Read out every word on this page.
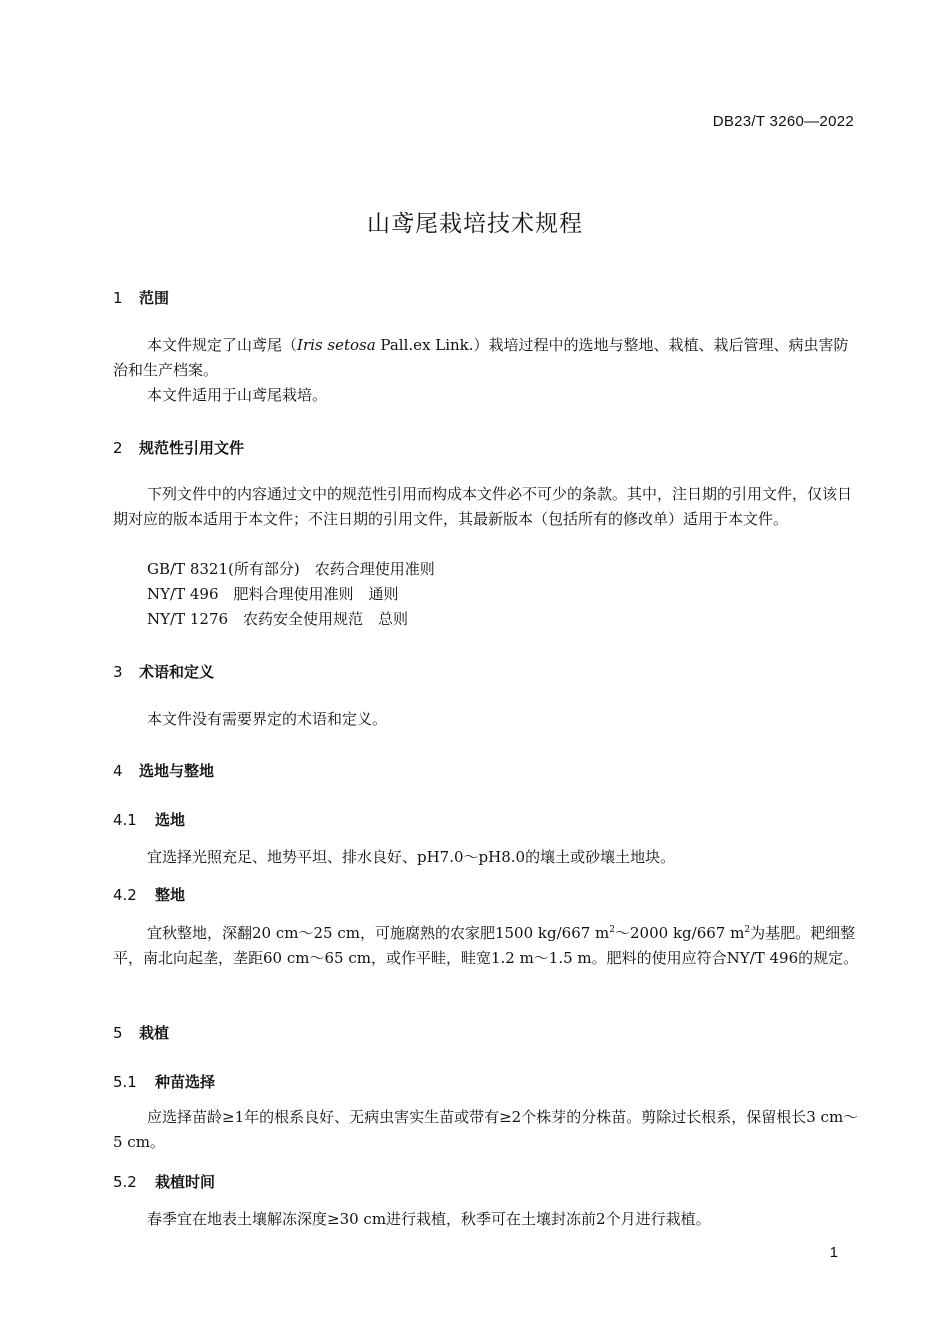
DB23/T 3260—2022
山鸢尾栽培技术规程
1 范围
本文件规定了山鸢尾（Iris setosa Pall.ex Link.）栽培过程中的选地与整地、栽植、栽后管理、病虫害防治和生产档案。
本文件适用于山鸢尾栽培。
2 规范性引用文件
下列文件中的内容通过文中的规范性引用而构成本文件必不可少的条款。其中，注日期的引用文件，仅该日期对应的版本适用于本文件；不注日期的引用文件，其最新版本（包括所有的修改单）适用于本文件。
GB/T 8321(所有部分)　农药合理使用准则
NY/T 496　肥料合理使用准则　通则
NY/T 1276　农药安全使用规范　总则
3 术语和定义
本文件没有需要界定的术语和定义。
4 选地与整地
4.1 选地
宜选择光照充足、地势平坦、排水良好、pH7.0～pH8.0的壤土或砂壤土地块。
4.2 整地
宜秋整地，深翻20 cm～25 cm，可施腐熟的农家肥1500 kg/667 $m^2\sim 2000$ kg/667 $m^2$为基肥。耙细整平，南北向起垄，垄距60 cm～65 cm，或作平畦，畦宽1.2 m～1.5 m。肥料的使用应符合NY/T 496的规定。
5 栽植
5.1 种苗选择
应选择苗龄≥1年的根系良好、无病虫害实生苗或带有≥2个株芽的分株苗。剪除过长根系，保留根长3 cm～5 cm。
5.2 栽植时间
春季宜在地表土壤解冻深度≥30 cm进行栽植，秋季可在土壤封冻前2个月进行栽植。
1
